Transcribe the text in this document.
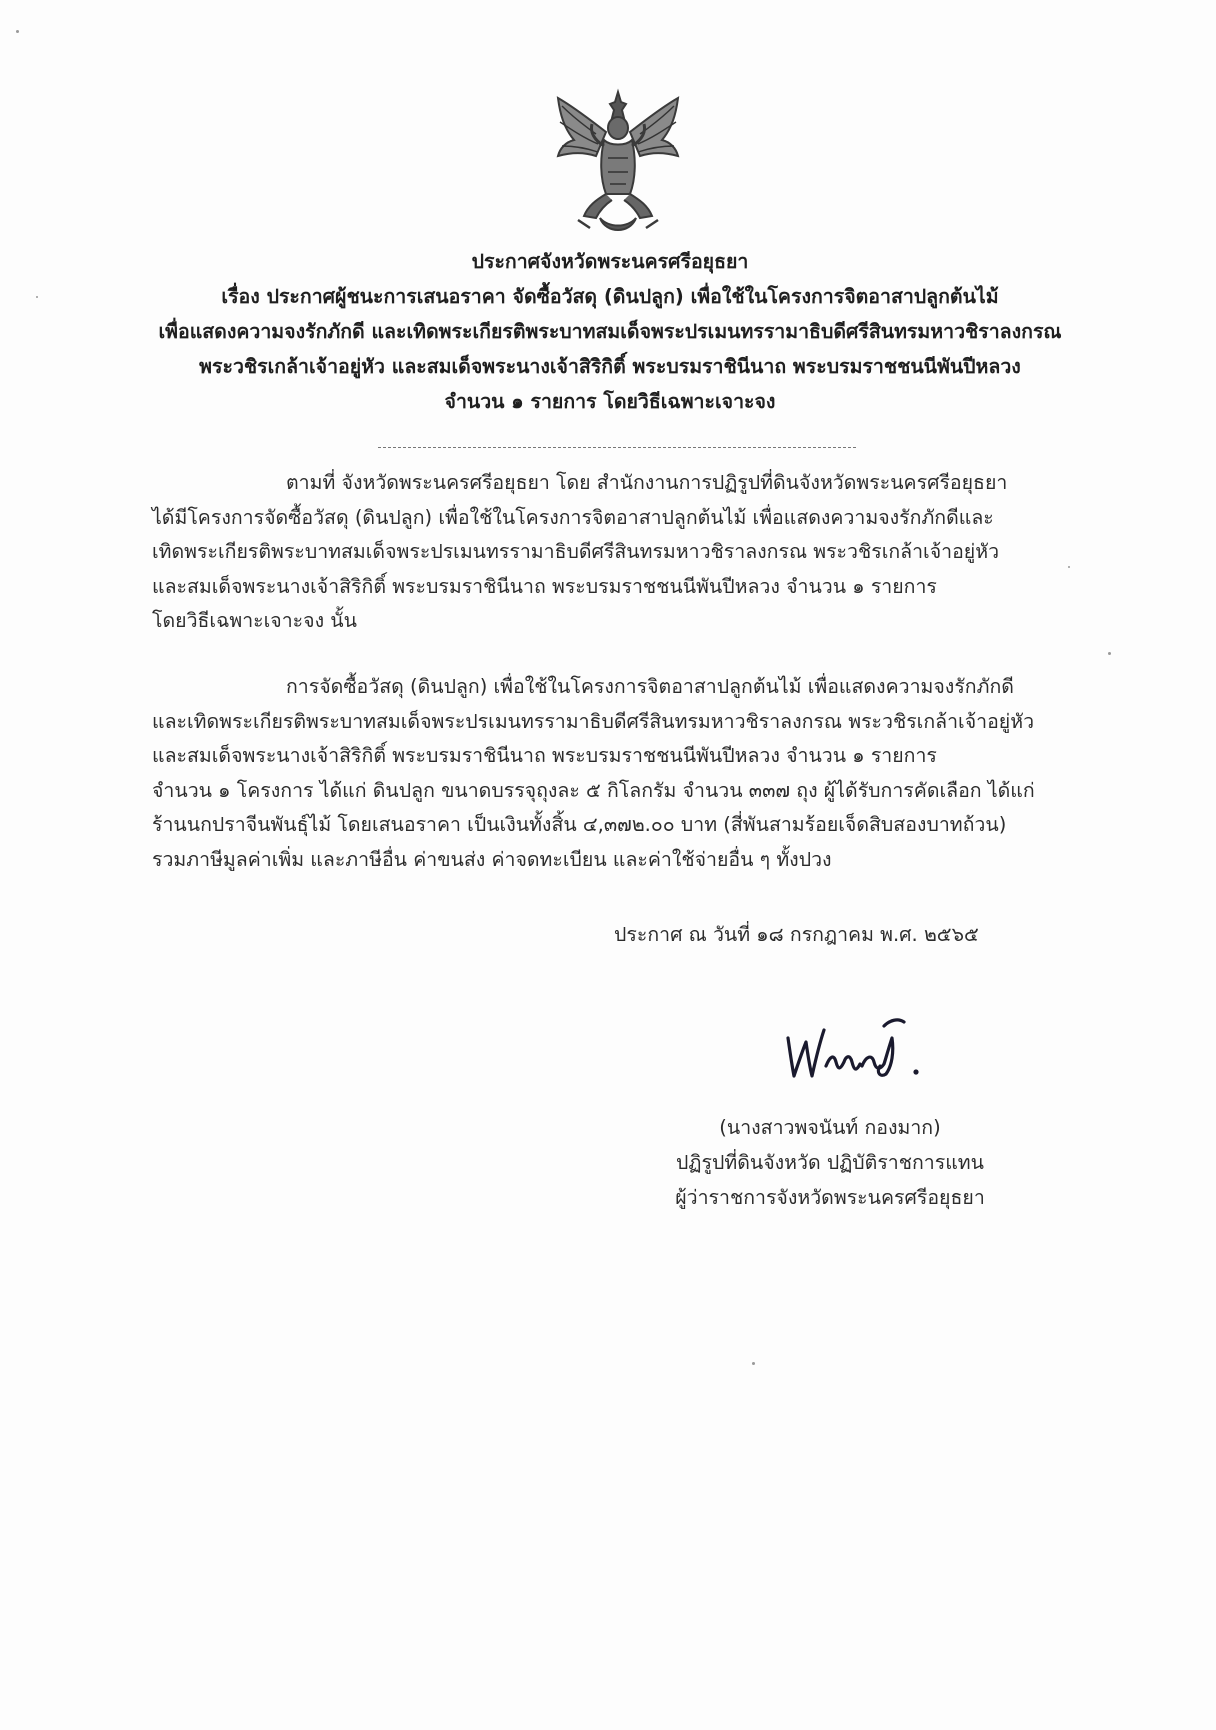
ประกาศจังหวัดพระนครศรีอยุธยา
เรื่อง ประกาศผู้ชนะการเสนอราคา จัดซื้อวัสดุ (ดินปลูก) เพื่อใช้ในโครงการจิตอาสาปลูกต้นไม้
เพื่อแสดงความจงรักภักดี และเทิดพระเกียรติพระบาทสมเด็จพระปรเมนทรรามาธิบดีศรีสินทรมหาวชิราลงกรณ
พระวชิรเกล้าเจ้าอยู่หัว และสมเด็จพระนางเจ้าสิริกิติ์ พระบรมราชินีนาถ พระบรมราชชนนีพันปีหลวง
จำนวน ๑ รายการ โดยวิธีเฉพาะเจาะจง
ตามที่ จังหวัดพระนครศรีอยุธยา โดย สำนักงานการปฏิรูปที่ดินจังหวัดพระนครศรีอยุธยา
ได้มีโครงการจัดซื้อวัสดุ (ดินปลูก) เพื่อใช้ในโครงการจิตอาสาปลูกต้นไม้ เพื่อแสดงความจงรักภักดีและ
เทิดพระเกียรติพระบาทสมเด็จพระปรเมนทรรามาธิบดีศรีสินทรมหาวชิราลงกรณ พระวชิรเกล้าเจ้าอยู่หัว
และสมเด็จพระนางเจ้าสิริกิติ์ พระบรมราชินีนาถ พระบรมราชชนนีพันปีหลวง จำนวน ๑ รายการ
โดยวิธีเฉพาะเจาะจง นั้น
การจัดซื้อวัสดุ (ดินปลูก) เพื่อใช้ในโครงการจิตอาสาปลูกต้นไม้ เพื่อแสดงความจงรักภักดี
และเทิดพระเกียรติพระบาทสมเด็จพระปรเมนทรรามาธิบดีศรีสินทรมหาวชิราลงกรณ พระวชิรเกล้าเจ้าอยู่หัว
และสมเด็จพระนางเจ้าสิริกิติ์ พระบรมราชินีนาถ พระบรมราชชนนีพันปีหลวง จำนวน ๑ รายการ
จำนวน ๑ โครงการ ได้แก่ ดินปลูก ขนาดบรรจุถุงละ ๕ กิโลกรัม จำนวน ๓๓๗ ถุง ผู้ได้รับการคัดเลือก ได้แก่
ร้านนกปราจีนพันธุ์ไม้ โดยเสนอราคา เป็นเงินทั้งสิ้น ๔,๓๗๒.๐๐ บาท (สี่พันสามร้อยเจ็ดสิบสองบาทถ้วน)
รวมภาษีมูลค่าเพิ่ม และภาษีอื่น ค่าขนส่ง ค่าจดทะเบียน และค่าใช้จ่ายอื่น ๆ ทั้งปวง
ประกาศ ณ วันที่ ๑๘ กรกฎาคม พ.ศ. ๒๕๖๕
(นางสาวพจนันท์ กองมาก)
ปฏิรูปที่ดินจังหวัด ปฏิบัติราชการแทน
ผู้ว่าราชการจังหวัดพระนครศรีอยุธยา
